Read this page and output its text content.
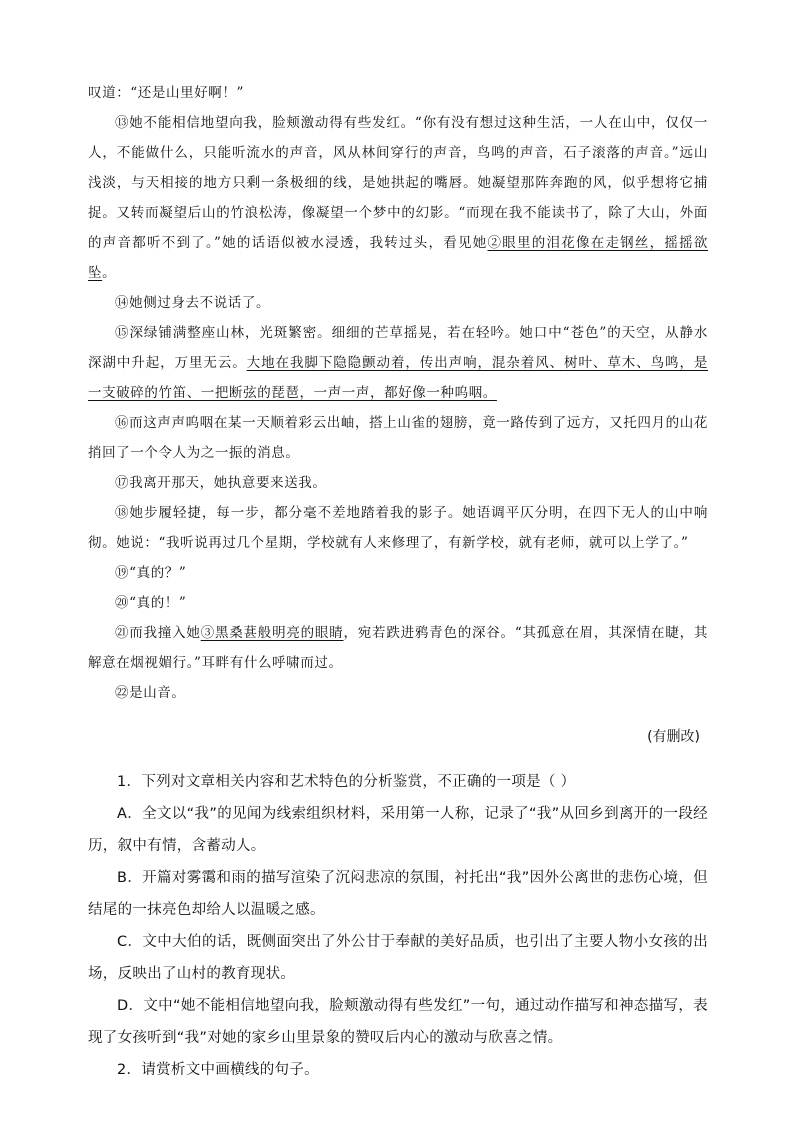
叹道：“还是山里好啊！”

⑬她不能相信地望向我，脸颊激动得有些发红。“你有没有想过这种生活，一人在山中，仅仅一人，不能做什么，只能听流水的声音，风从林间穿行的声音，鸟鸣的声音，石子滚落的声音。”远山浅淡，与天相接的地方只剩一条极细的线，是她拱起的嘴唇。她凝望那阵奔跑的风，似乎想将它捕捉。又转而凝望后山的竹浪松涛，像凝望一个梦中的幻影。“而现在我不能读书了，除了大山，外面的声音都听不到了。”她的话语似被水浸透，我转过头，看见她②眼里的泪花像在走钢丝，摇摇欲坠。

⑭她侧过身去不说话了。

⑮深绿铺满整座山林，光斑繁密。细细的芒草摇晃，若在轻吟。她口中“苍色”的天空，从静水深湖中升起，万里无云。大地在我脚下隐隐颤动着，传出声响，混杂着风、树叶、草木、鸟鸣，是一支破碎的竹笛、一把断弦的琵琶，一声一声，都好像一种呜咽。

⑯而这声声呜咽在某一天顺着彩云出岫，搭上山雀的翅膀，竟一路传到了远方，又托四月的山花捎回了一个令人为之一振的消息。

⑰我离开那天，她执意要来送我。

⑱她步履轻捷，每一步，都分毫不差地踏着我的影子。她语调平仄分明，在四下无人的山中响彻。她说：“我听说再过几个星期，学校就有人来修理了，有新学校，就有老师，就可以上学了。”

⑲“真的？”

⑳“真的！”

㉑而我撞入她③黑桑葚般明亮的眼睛，宛若跌进鸦青色的深谷。“其孤意在眉，其深情在睫，其解意在烟视媚行。”耳畔有什么呼啸而过。

㉒是山音。

(有删改)

1．下列对文章相关内容和艺术特色的分析鉴赏，不正确的一项是（ ）

A．全文以“我”的见闻为线索组织材料，采用第一人称，记录了“我”从回乡到离开的一段经历，叙中有情，含蓄动人。

B．开篇对雾霭和雨的描写渲染了沉闷悲凉的氛围，衬托出“我”因外公离世的悲伤心境，但结尾的一抹亮色却给人以温暖之感。

C．文中大伯的话，既侧面突出了外公甘于奉献的美好品质，也引出了主要人物小女孩的出场，反映出了山村的教育现状。

D．文中“她不能相信地望向我，脸颊激动得有些发红”一句，通过动作描写和神态描写，表现了女孩听到“我”对她的家乡山里景象的赞叹后内心的激动与欣喜之情。

2．请赏析文中画横线的句子。
